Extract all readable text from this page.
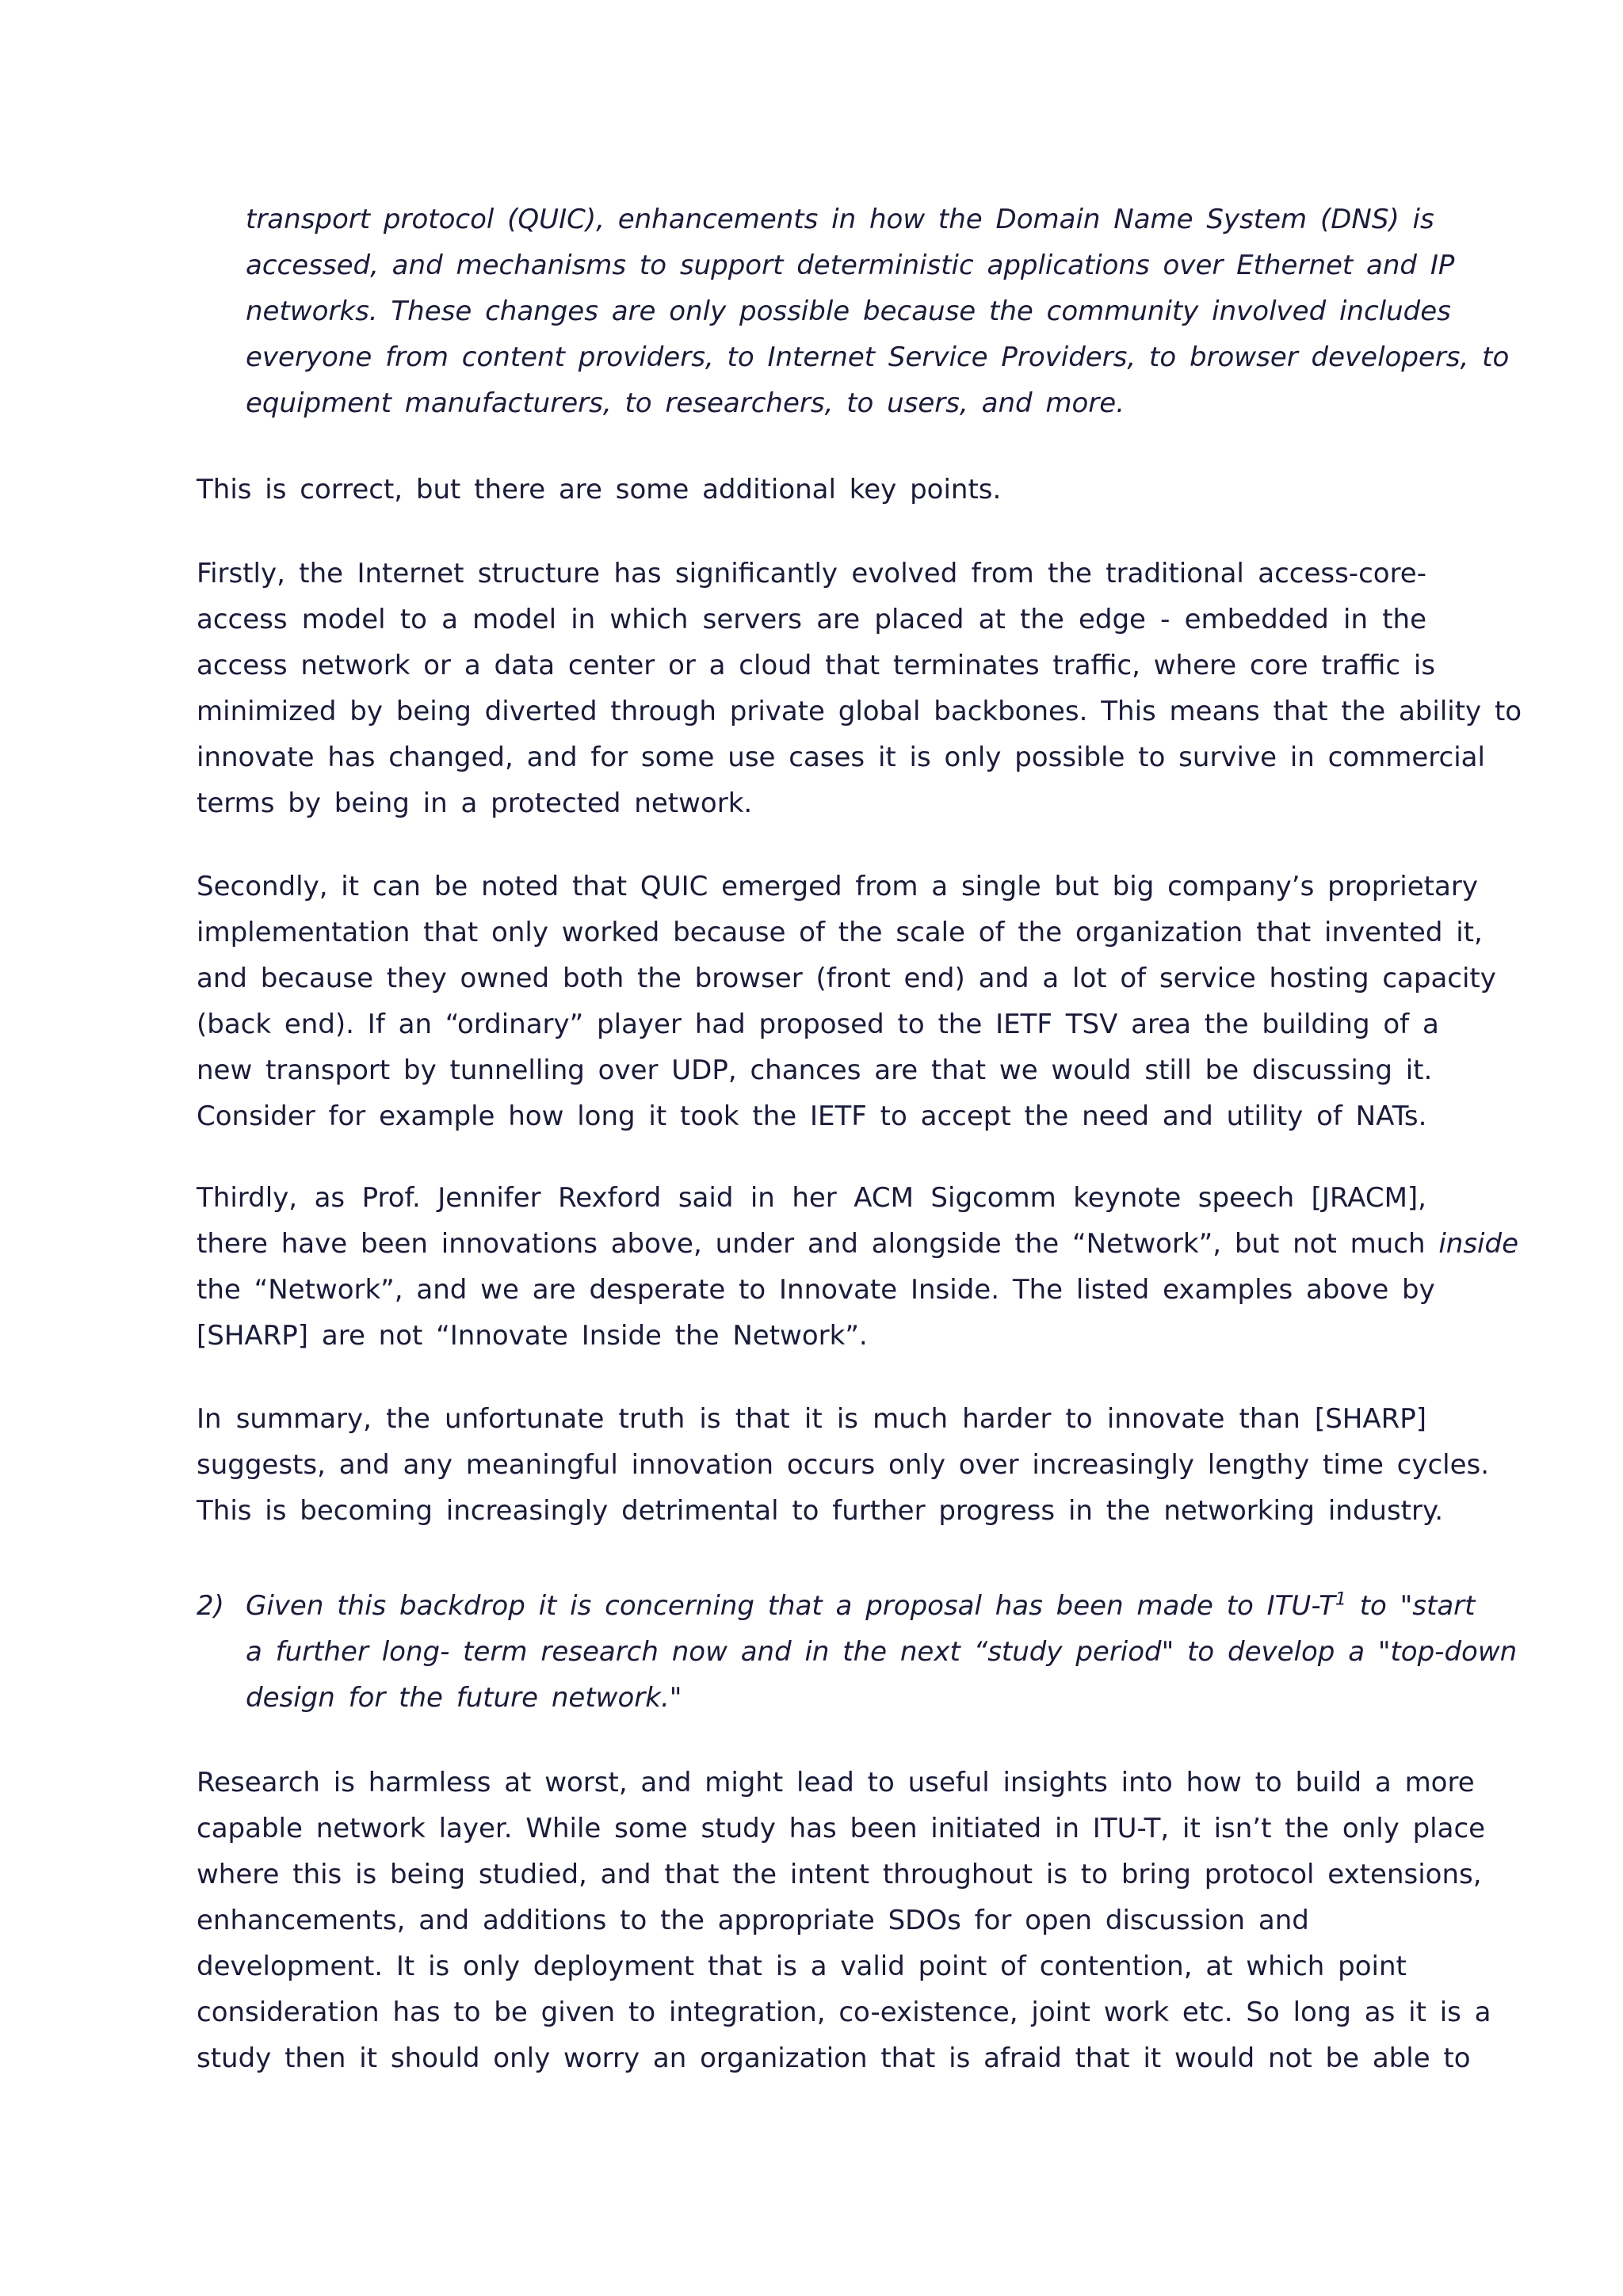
transport protocol (QUIC), enhancements in how the Domain Name System (DNS) is
accessed, and mechanisms to support deterministic applications over Ethernet and IP
networks. These changes are only possible because the community involved includes
everyone from content providers, to Internet Service Providers, to browser developers, to
equipment manufacturers, to researchers, to users, and more.
This is correct, but there are some additional key points.
Firstly, the Internet structure has significantly evolved from the traditional access-core-
access model to a model in which servers are placed at the edge - embedded in the
access network or a data center or a cloud that terminates traffic, where core traffic is
minimized by being diverted through private global backbones. This means that the ability to
innovate has changed, and for some use cases it is only possible to survive in commercial
terms by being in a protected network.
Secondly, it can be noted that QUIC emerged from a single but big company’s proprietary
implementation that only worked because of the scale of the organization that invented it,
and because they owned both the browser (front end) and a lot of service hosting capacity
(back end). If an “ordinary” player had proposed to the IETF TSV area the building of a
new transport by tunnelling over UDP, chances are that we would still be discussing it.
Consider for example how long it took the IETF to accept the need and utility of NATs.
Thirdly, as Prof. Jennifer Rexford said in her ACM Sigcomm keynote speech [JRACM],
there have been innovations above, under and alongside the “Network”, but not much inside
the “Network”, and we are desperate to Innovate Inside. The listed examples above by
[SHARP] are not “Innovate Inside the Network”.
In summary, the unfortunate truth is that it is much harder to innovate than [SHARP]
suggests, and any meaningful innovation occurs only over increasingly lengthy time cycles.
This is becoming increasingly detrimental to further progress in the networking industry.
2) Given this backdrop it is concerning that a proposal has been made to ITU-$T^1$ to "start
a further long- term research now and in the next “study period" to develop a "top-down
design for the future network."
Research is harmless at worst, and might lead to useful insights into how to build a more
capable network layer. While some study has been initiated in ITU-T, it isn’t the only place
where this is being studied, and that the intent throughout is to bring protocol extensions,
enhancements, and additions to the appropriate SDOs for open discussion and
development. It is only deployment that is a valid point of contention, at which point
consideration has to be given to integration, co-existence, joint work etc. So long as it is a
study then it should only worry an organization that is afraid that it would not be able to
